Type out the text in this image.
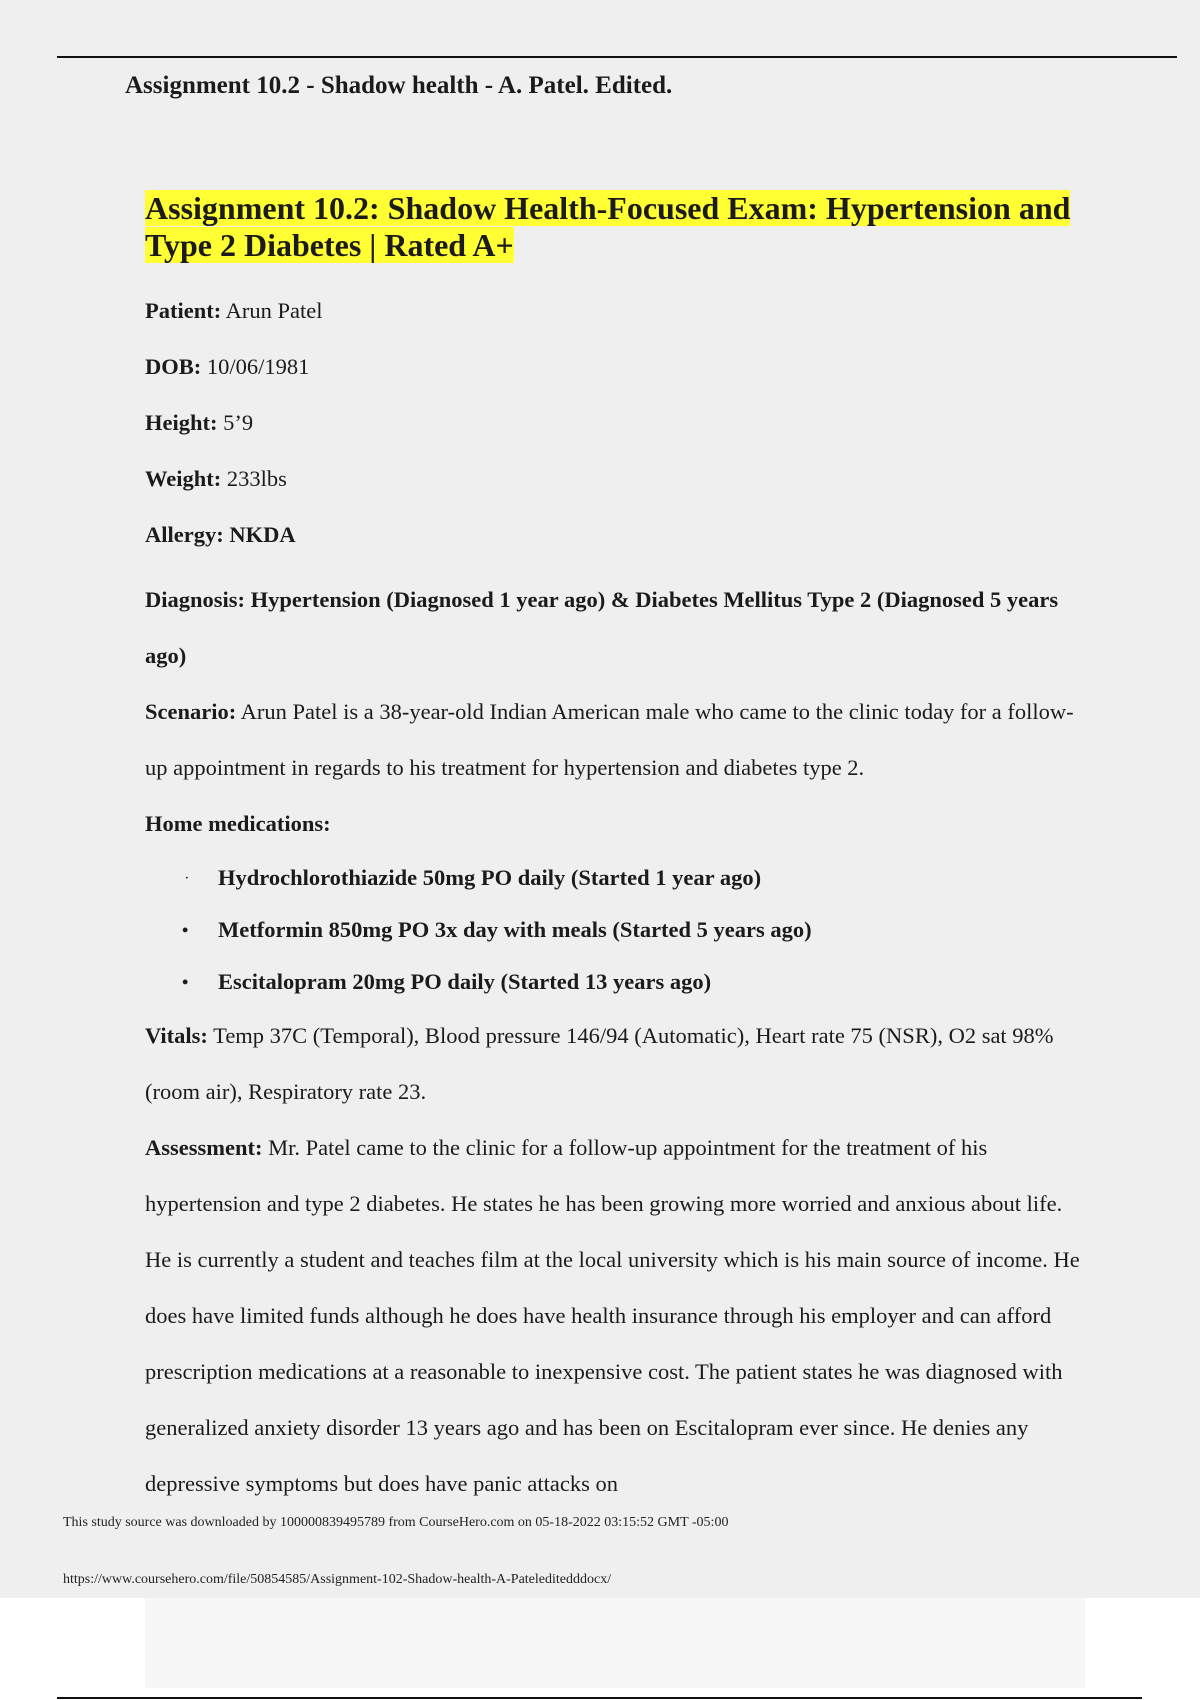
Assignment 10.2 - Shadow health - A. Patel. Edited.

Assignment 10.2: Shadow Health-Focused Exam: Hypertension and Type 2 Diabetes | Rated A+

Patient: Arun Patel

DOB: 10/06/1981

Height: 5’9

Weight: 233lbs

Allergy: NKDA

Diagnosis: Hypertension (Diagnosed 1 year ago) & Diabetes Mellitus Type 2 (Diagnosed 5 years ago)

Scenario: Arun Patel is a 38-year-old Indian American male who came to the clinic today for a follow-up appointment in regards to his treatment for hypertension and diabetes type 2.

Home medications:

· Hydrochlorothiazide 50mg PO daily (Started 1 year ago)
• Metformin 850mg PO 3x day with meals (Started 5 years ago)
• Escitalopram 20mg PO daily (Started 13 years ago)

Vitals: Temp 37C (Temporal), Blood pressure 146/94 (Automatic), Heart rate 75 (NSR), O2 sat 98% (room air), Respiratory rate 23.

Assessment: Mr. Patel came to the clinic for a follow-up appointment for the treatment of his hypertension and type 2 diabetes. He states he has been growing more worried and anxious about life. He is currently a student and teaches film at the local university which is his main source of income. He does have limited funds although he does have health insurance through his employer and can afford prescription medications at a reasonable to inexpensive cost. The patient states he was diagnosed with generalized anxiety disorder 13 years ago and has been on Escitalopram ever since. He denies any depressive symptoms but does have panic attacks on

This study source was downloaded by 100000839495789 from CourseHero.com on 05-18-2022 03:15:52 GMT -05:00
https://www.coursehero.com/file/50854585/Assignment-102-Shadow-health-A-Pateleditedddocx/
